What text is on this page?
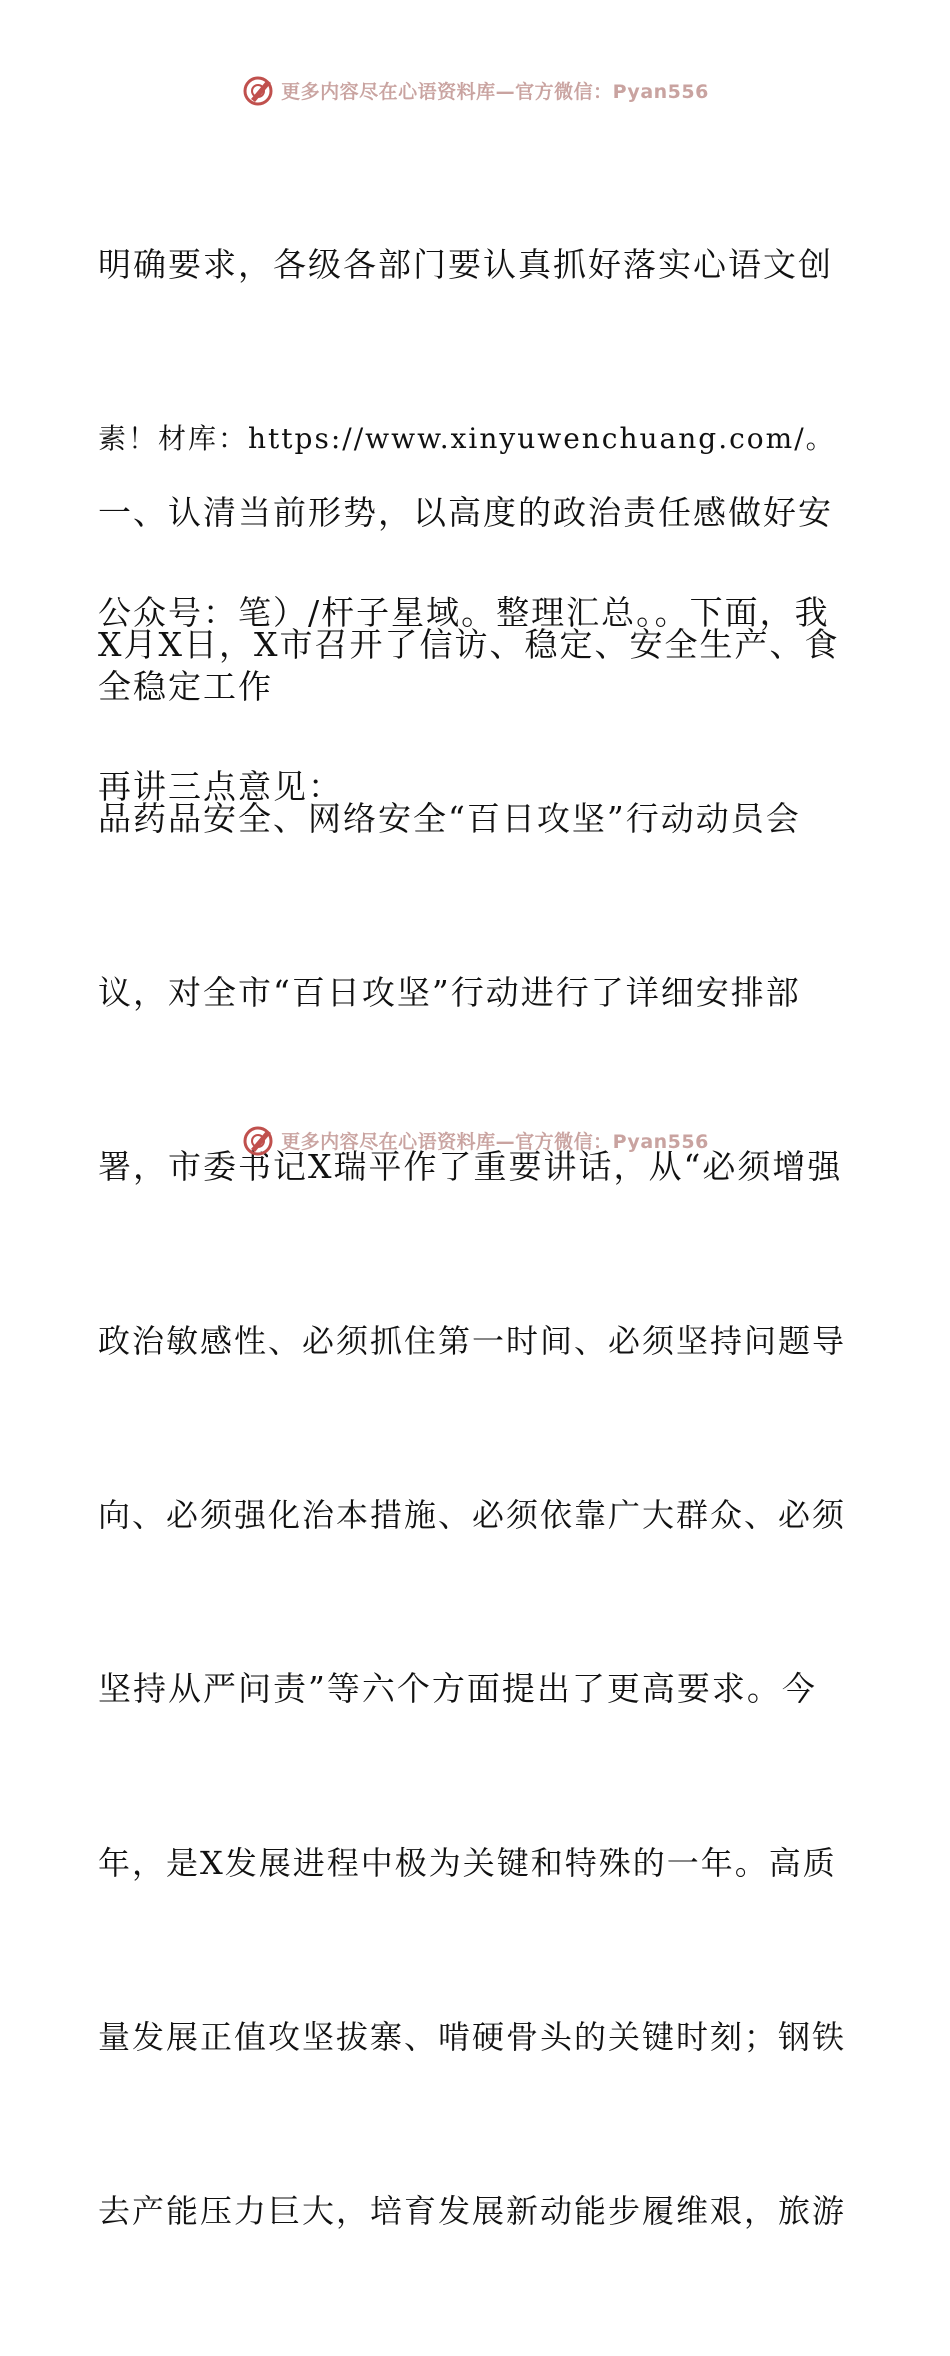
更多内容尽在心语资料库—官方微信：Pyan556

明确要求，各级各部门要认真抓好落实心语文创

素！材库：https://www.xinyuwenchuang.com/。

公众号：笔）/杆子星域。整理汇总。。下面，我

再讲三点意见：

一、认清当前形势，以高度的政治责任感做好安

全稳定工作

X月X日，X市召开了信访、稳定、安全生产、食

品药品安全、网络安全“百日攻坚”行动动员会

议，对全市“百日攻坚”行动进行了详细安排部

署，市委书记X瑞平作了重要讲话，从“必须增强

政治敏感性、必须抓住第一时间、必须坚持问题导

向、必须强化治本措施、必须依靠广大群众、必须

坚持从严问责”等六个方面提出了更高要求。今

年，是X发展进程中极为关键和特殊的一年。高质

量发展正值攻坚拔寨、啃硬骨头的关键时刻；钢铁

去产能压力巨大，培育发展新动能步履维艰，旅游

更多内容尽在心语资料库—官方微信：Pyan556
